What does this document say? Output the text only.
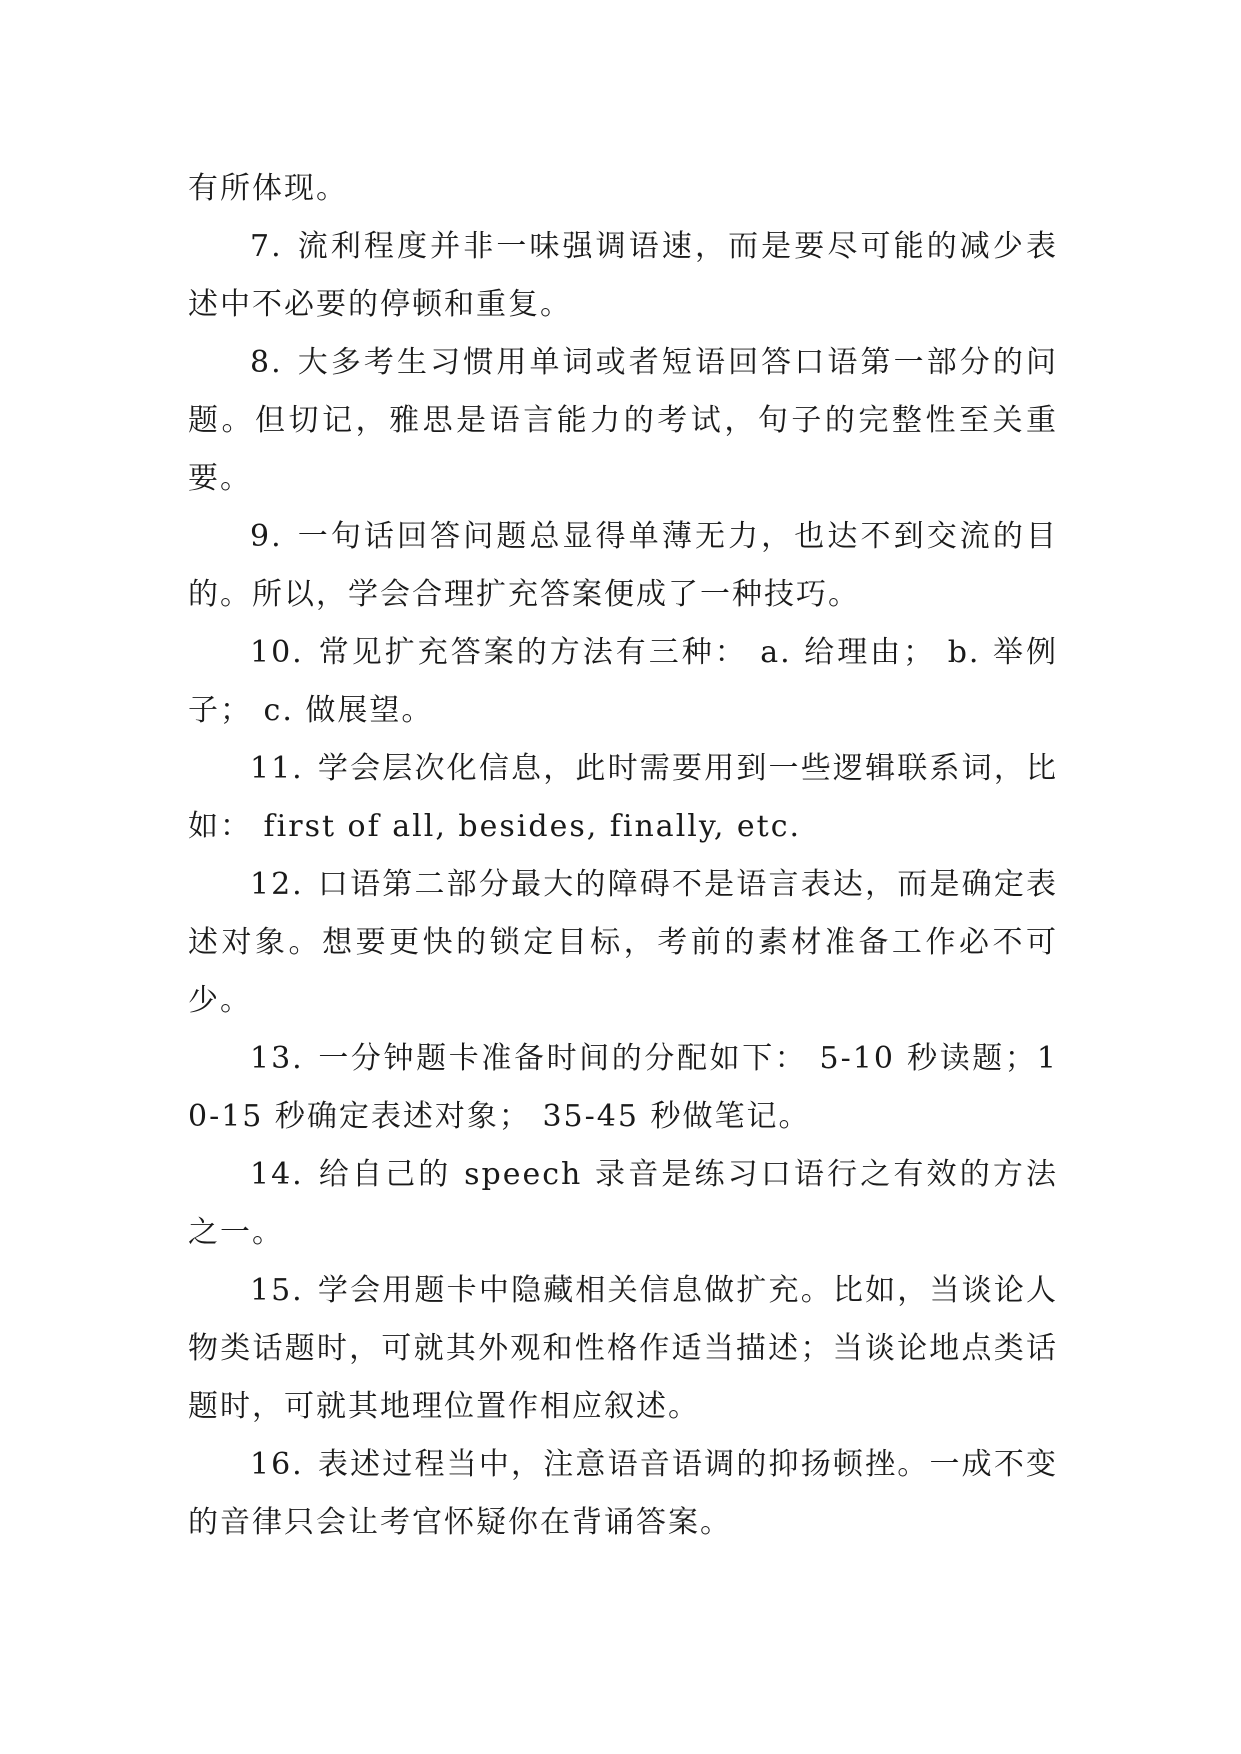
有所体现。

7. 流利程度并非一味强调语速，而是要尽可能的减少表述中不必要的停顿和重复。

8. 大多考生习惯用单词或者短语回答口语第一部分的问题。但切记，雅思是语言能力的考试，句子的完整性至关重要。

9. 一句话回答问题总显得单薄无力，也达不到交流的目的。所以，学会合理扩充答案便成了一种技巧。

10. 常见扩充答案的方法有三种： a. 给理由； b. 举例子； c. 做展望。

11. 学会层次化信息，此时需要用到一些逻辑联系词，比如： first of all, besides, finally, etc.

12. 口语第二部分最大的障碍不是语言表达，而是确定表述对象。想要更快的锁定目标，考前的素材准备工作必不可少。

13. 一分钟题卡准备时间的分配如下： 5-10 秒读题；10-15 秒确定表述对象； 35-45 秒做笔记。

14. 给自己的 speech 录音是练习口语行之有效的方法之一。

15. 学会用题卡中隐藏相关信息做扩充。比如，当谈论人物类话题时，可就其外观和性格作适当描述；当谈论地点类话题时，可就其地理位置作相应叙述。

16. 表述过程当中，注意语音语调的抑扬顿挫。一成不变的音律只会让考官怀疑你在背诵答案。
